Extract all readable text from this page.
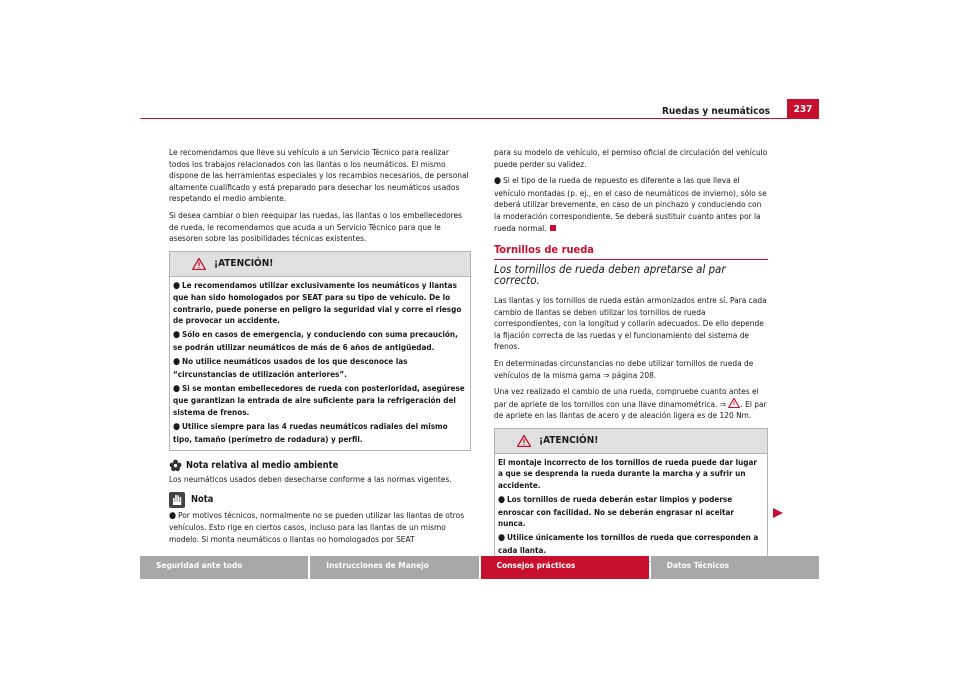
Ruedas y neumáticos	237

Le recomendamos que lleve su vehículo a un Servicio Técnico para realizar todos los trabajos relacionados con las llantas o los neumáticos. El mismo dispone de las herramientas especiales y los recambios necesarios, de personal altamente cualificado y está preparado para desechar los neumáticos usados respetando el medio ambiente.

Si desea cambiar o bien reequipar las ruedas, las llantas o los embellecedores de rueda, le recomendamos que acuda a un Servicio Técnico para que le asesoren sobre las posibilidades técnicas existentes.

¡ATENCIÓN!
● Le recomendamos utilizar exclusivamente los neumáticos y llantas que han sido homologados por SEAT para su tipo de vehículo. De lo contrario, puede ponerse en peligro la seguridad vial y corre el riesgo de provocar un accidente.
● Sólo en casos de emergencia, y conduciendo con suma precaución, se podrán utilizar neumáticos de más de 6 años de antigüedad.
● No utilice neumáticos usados de los que desconoce las “circunstancias de utilización anteriores”.
● Si se montan embellecedores de rueda con posterioridad, asegúrese que garantizan la entrada de aire suficiente para la refrigeración del sistema de frenos.
● Utilice siempre para las 4 ruedas neumáticos radiales del mismo tipo, tamaño (perímetro de rodadura) y perfil.
Nota relativa al medio ambiente

Los neumáticos usados deben desecharse conforme a las normas vigentes.

Nota

● Por motivos técnicos, normalmente no se pueden utilizar las llantas de otros vehículos. Esto rige en ciertos casos, incluso para las llantas de un mismo modelo. Si monta neumáticos o llantas no homologados por SEAT

para su modelo de vehículo, el permiso oficial de circulación del vehículo puede perder su validez.

● Si el tipo de la rueda de repuesto es diferente a las que lleva el vehículo montadas (p. ej., en el caso de neumáticos de invierno), sólo se deberá utilizar brevemente, en caso de un pinchazo y conduciendo con la moderación correspondiente. Se deberá sustituir cuanto antes por la rueda normal.

Tornillos de rueda
Los tornillos de rueda deben apretarse al par correcto.

Las llantas y los tornillos de rueda están armonizados entre sí. Para cada cambio de llantas se deben utilizar los tornillos de rueda correspondientes, con la longitud y collarín adecuados. De ello depende la fijación correcta de las ruedas y el funcionamiento del sistema de frenos.

En determinadas circunstancias no debe utilizar tornillos de rueda de vehículos de la misma gama ⇒ página 208.

Una vez realizado el cambio de una rueda, compruebe cuanto antes el par de apriete de los tornillos con una llave dinamométrica. ⇒ . El par de apriete en las llantas de acero y de aleación ligera es de 120 Nm.

¡ATENCIÓN!
El montaje incorrecto de los tornillos de rueda puede dar lugar a que se desprenda la rueda durante la marcha y a sufrir un accidente.
● Los tornillos de rueda deberán estar limpios y poderse enroscar con facilidad. No se deberán engrasar ni aceitar nunca.
● Utilice únicamente los tornillos de rueda que corresponden a cada llanta.
Seguridad ante todo	Instrucciones de Manejo	Consejos prácticos	Datos Técnicos
